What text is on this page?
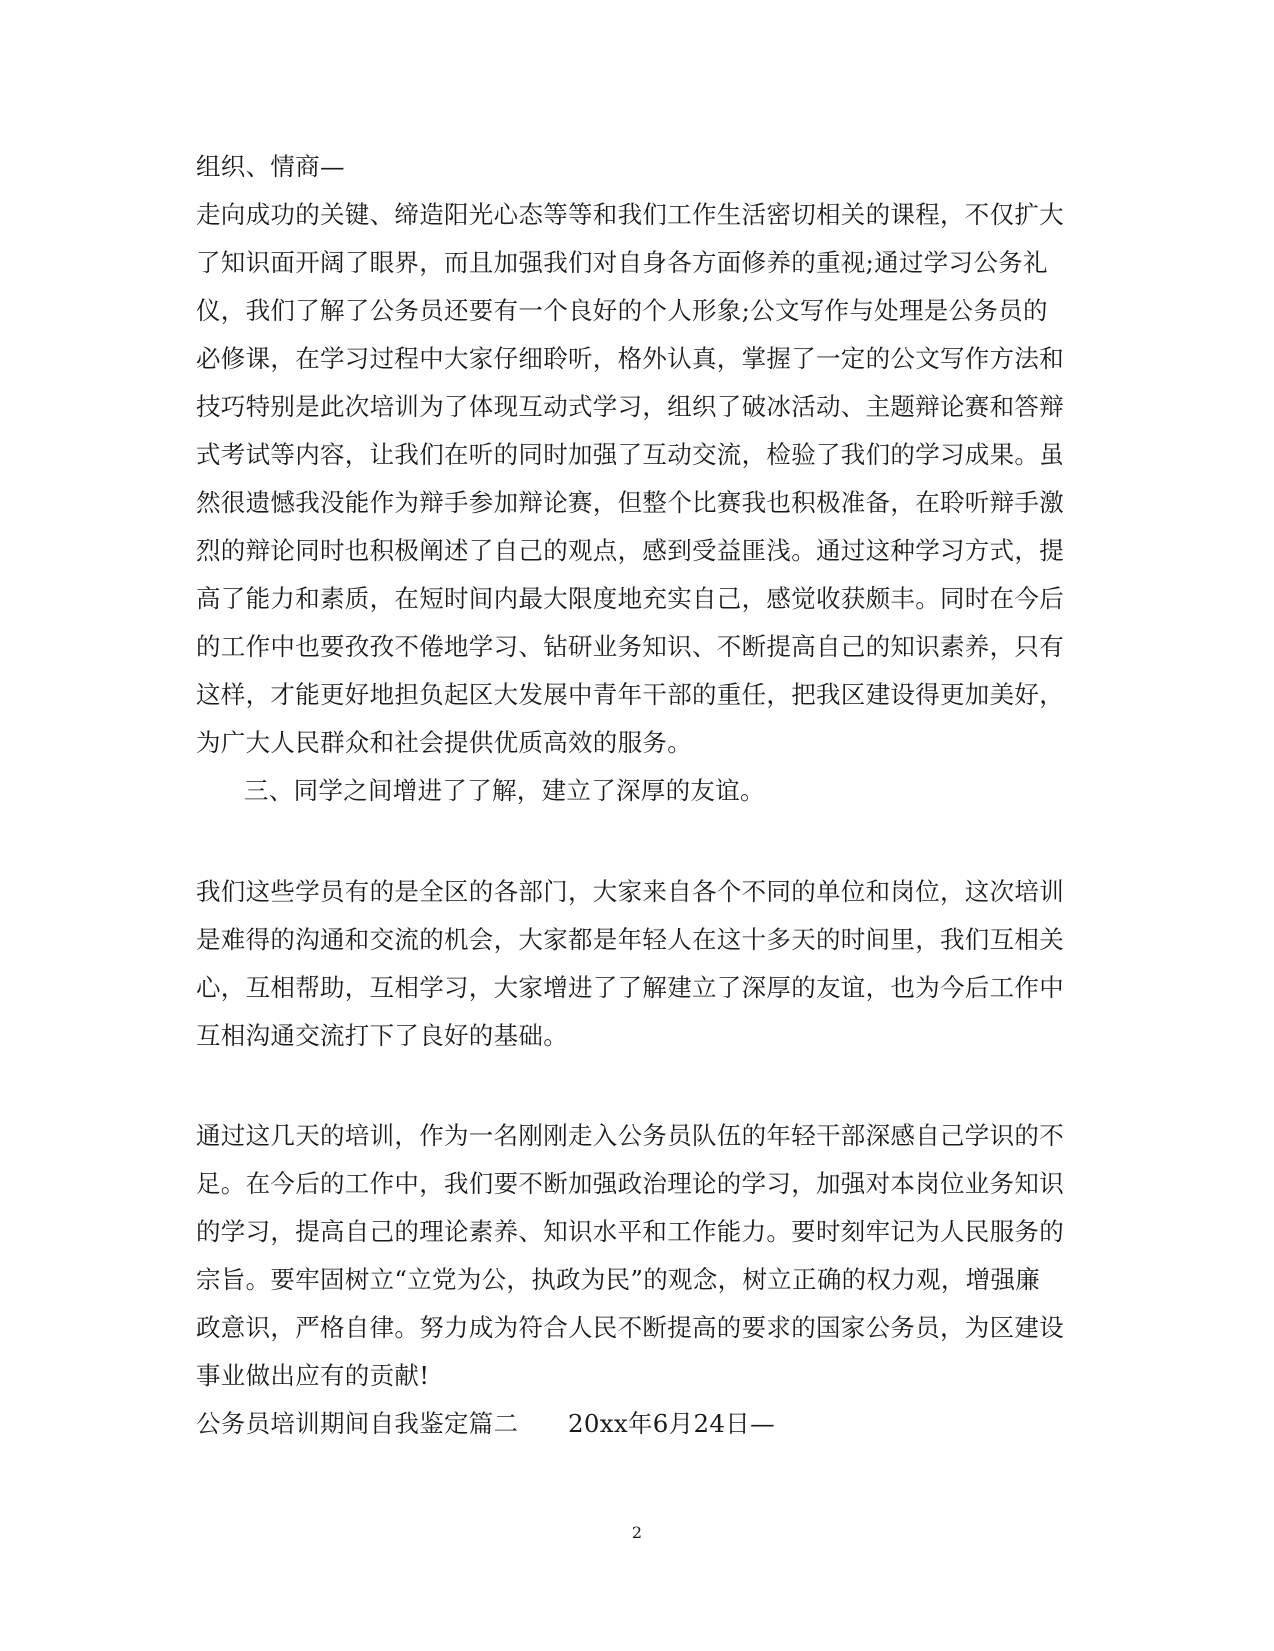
组织、情商—
走向成功的关键、缔造阳光心态等等和我们工作生活密切相关的课程，不仅扩大
了知识面开阔了眼界，而且加强我们对自身各方面修养的重视;通过学习公务礼
仪，我们了解了公务员还要有一个良好的个人形象;公文写作与处理是公务员的
必修课，在学习过程中大家仔细聆听，格外认真，掌握了一定的公文写作方法和
技巧特别是此次培训为了体现互动式学习，组织了破冰活动、主题辩论赛和答辩
式考试等内容，让我们在听的同时加强了互动交流，检验了我们的学习成果。虽
然很遗憾我没能作为辩手参加辩论赛，但整个比赛我也积极准备，在聆听辩手激
烈的辩论同时也积极阐述了自己的观点，感到受益匪浅。通过这种学习方式，提
高了能力和素质，在短时间内最大限度地充实自己，感觉收获颇丰。同时在今后
的工作中也要孜孜不倦地学习、钻研业务知识、不断提高自己的知识素养，只有
这样，才能更好地担负起区大发展中青年干部的重任，把我区建设得更加美好，
为广大人民群众和社会提供优质高效的服务。
三、同学之间增进了了解，建立了深厚的友谊。
我们这些学员有的是全区的各部门，大家来自各个不同的单位和岗位，这次培训
是难得的沟通和交流的机会，大家都是年轻人在这十多天的时间里，我们互相关
心，互相帮助，互相学习，大家增进了了解建立了深厚的友谊，也为今后工作中
互相沟通交流打下了良好的基础。
通过这几天的培训，作为一名刚刚走入公务员队伍的年轻干部深感自己学识的不
足。在今后的工作中，我们要不断加强政治理论的学习，加强对本岗位业务知识
的学习，提高自己的理论素养、知识水平和工作能力。要时刻牢记为人民服务的
宗旨。要牢固树立“立党为公，执政为民”的观念，树立正确的权力观，增强廉
政意识，严格自律。努力成为符合人民不断提高的要求的国家公务员，为区建设
事业做出应有的贡献!
公务员培训期间自我鉴定篇二　　20xx年6月24日—
2
